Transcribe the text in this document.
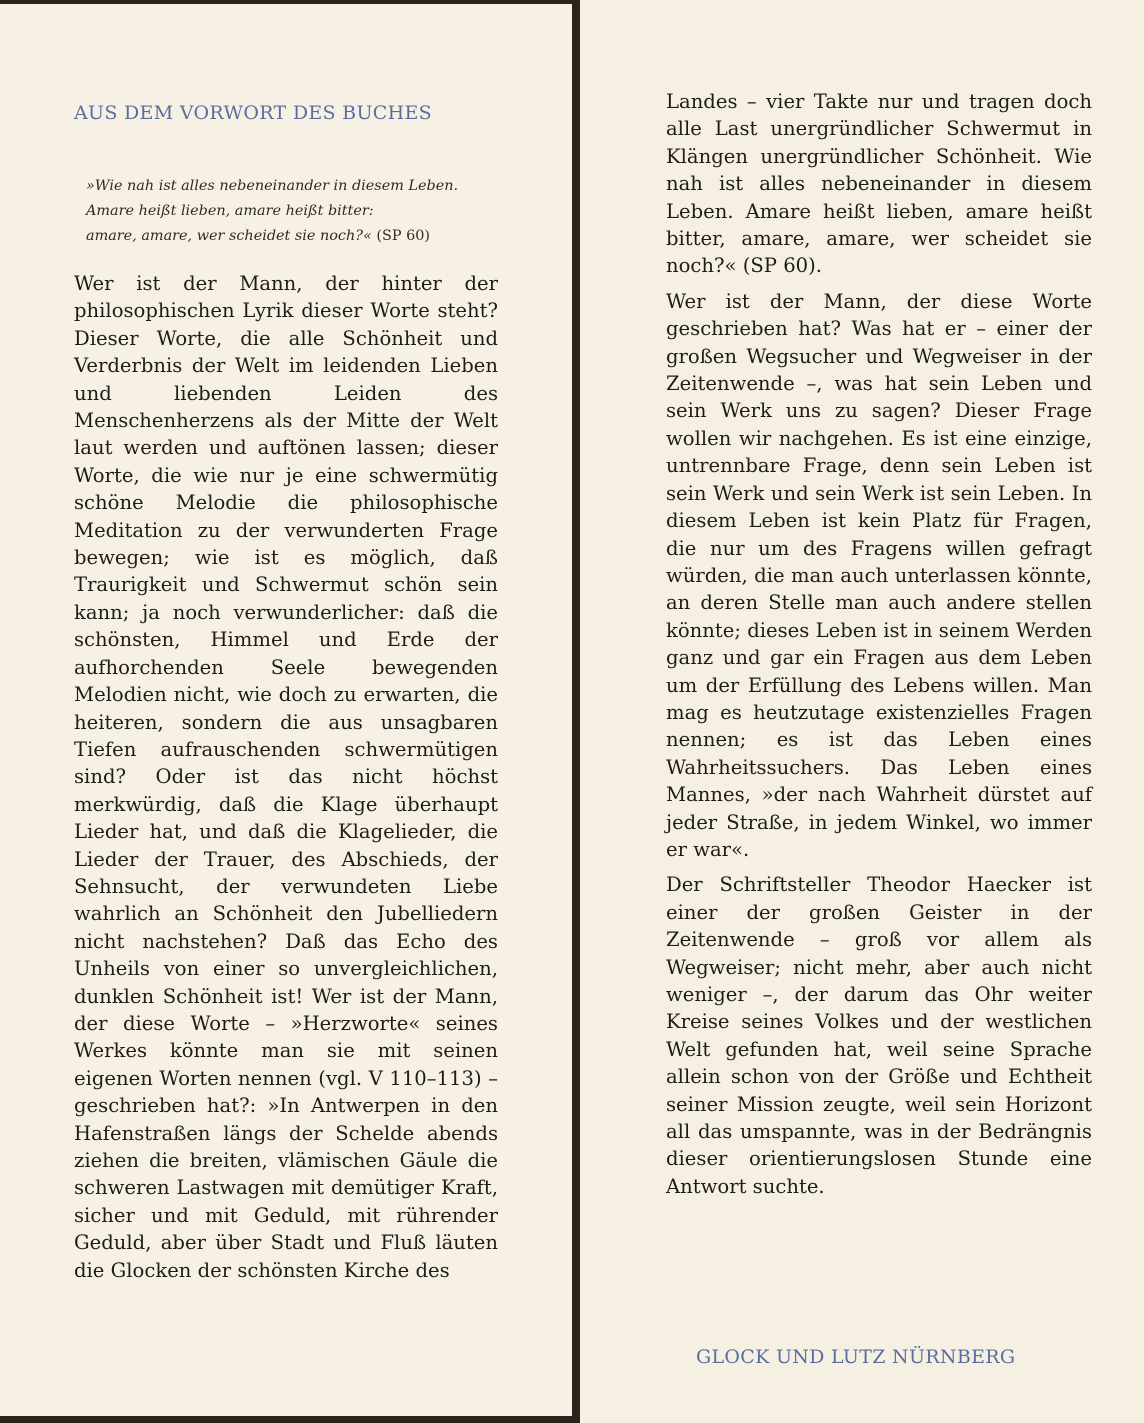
AUS DEM VORWORT DES BUCHES

»Wie nah ist alles nebeneinander in diesem Leben.

Amare heißt lieben, amare heißt bitter:

amare, amare, wer scheidet sie noch?« (SP 60)

Wer ist der Mann, der hinter der philosophischen Lyrik dieser Worte steht? Dieser Worte, die alle Schönheit und Verderbnis der Welt im leidenden Lieben und liebenden Leiden des Menschenherzens als der Mitte der Welt laut werden und auftönen lassen; dieser Worte, die wie nur je eine schwermütig schöne Melodie die philosophische Meditation zu der verwunderten Frage bewegen; wie ist es möglich, daß Traurigkeit und Schwermut schön sein kann; ja noch verwunderlicher: daß die schönsten, Himmel und Erde der aufhorchenden Seele bewegenden Melodien nicht, wie doch zu erwarten, die heiteren, sondern die aus unsagbaren Tiefen aufrauschenden schwermütigen sind? Oder ist das nicht höchst merkwürdig, daß die Klage überhaupt Lieder hat, und daß die Klagelieder, die Lieder der Trauer, des Abschieds, der Sehnsucht, der verwundeten Liebe wahrlich an Schönheit den Jubelliedern nicht nachstehen? Daß das Echo des Unheils von einer so unvergleichlichen, dunklen Schönheit ist! Wer ist der Mann, der diese Worte – »Herzworte« seines Werkes könnte man sie mit seinen eigenen Worten nennen (vgl. V 110–113) – geschrieben hat?: »In Antwerpen in den Hafenstraßen längs der Schelde abends ziehen die breiten, vlämischen Gäule die schweren Lastwagen mit demütiger Kraft, sicher und mit Geduld, mit rührender Geduld, aber über Stadt und Fluß läuten die Glocken der schönsten Kirche des

Landes – vier Takte nur und tragen doch alle Last unergründlicher Schwermut in Klängen unergründlicher Schönheit. Wie nah ist alles nebeneinander in diesem Leben. Amare heißt lieben, amare heißt bitter, amare, amare, wer scheidet sie noch?« (SP 60).

Wer ist der Mann, der diese Worte geschrieben hat? Was hat er – einer der großen Wegsucher und Wegweiser in der Zeitenwende –, was hat sein Leben und sein Werk uns zu sagen? Dieser Frage wollen wir nachgehen. Es ist eine einzige, untrennbare Frage, denn sein Leben ist sein Werk und sein Werk ist sein Leben. In diesem Leben ist kein Platz für Fragen, die nur um des Fragens willen gefragt würden, die man auch unterlassen könnte, an deren Stelle man auch andere stellen könnte; dieses Leben ist in seinem Werden ganz und gar ein Fragen aus dem Leben um der Erfüllung des Lebens willen. Man mag es heutzutage existenzielles Fragen nennen; es ist das Leben eines Wahrheitssuchers. Das Leben eines Mannes, »der nach Wahrheit dürstet auf jeder Straße, in jedem Winkel, wo immer er war«.

Der Schriftsteller Theodor Haecker ist einer der großen Geister in der Zeitenwende – groß vor allem als Wegweiser; nicht mehr, aber auch nicht weniger –, der darum das Ohr weiter Kreise seines Volkes und der westlichen Welt gefunden hat, weil seine Sprache allein schon von der Größe und Echtheit seiner Mission zeugte, weil sein Horizont all das umspannte, was in der Bedrängnis dieser orientierungslosen Stunde eine Antwort suchte.

GLOCK UND LUTZ NÜRNBERG
